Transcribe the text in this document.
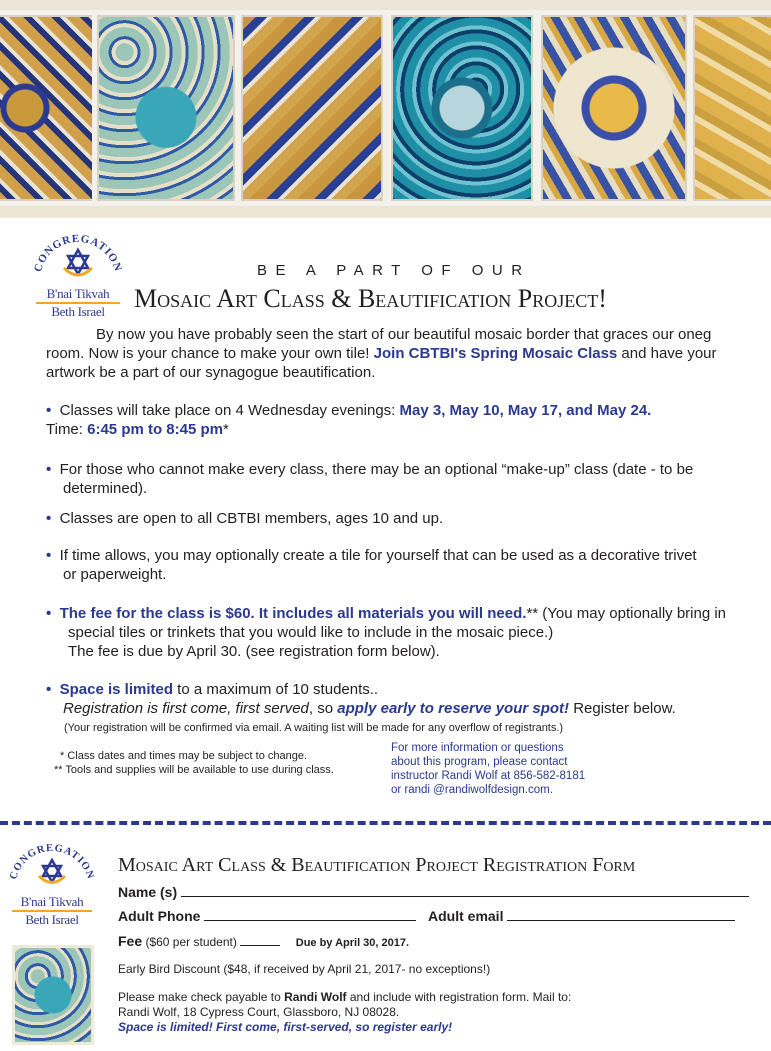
CONGREGATION
B'nai Tikvah
Beth Israel
BE A PART OF OUR
Mosaic Art Class & Beautification Project!
By now you have probably seen the start of our beautiful mosaic border that graces our oneg room. Now is your chance to make your own tile! Join CBTBI's Spring Mosaic Class and have your artwork be a part of our synagogue beautification.
• Classes will take place on 4 Wednesday evenings: May 3, May 10, May 17, and May 24.
Time: 6:45 pm to 8:45 pm*
• For those who cannot make every class, there may be an optional “make-up” class (date - to be determined).
• Classes are open to all CBTBI members, ages 10 and up.
• If time allows, you may optionally create a tile for yourself that can be used as a decorative trivet or paperweight.
• The fee for the class is $60. It includes all materials you will need.** (You may optionally bring in special tiles or trinkets that you would like to include in the mosaic piece.)
The fee is due by April 30. (see registration form below).
• Space is limited to a maximum of 10 students..
Registration is first come, first served, so apply early to reserve your spot! Register below.
(Your registration will be confirmed via email. A waiting list will be made for any overflow of registrants.)
* Class dates and times may be subject to change.
** Tools and supplies will be available to use during class.
For more information or questions
about this program, please contact
instructor Randi Wolf at 856-582-8181
or randi @randiwolfdesign.com.
CONGREGATION
B'nai Tikvah
Beth Israel
Mosaic Art Class & Beautification Project Registration Form
Name (s)
Adult Phone	Adult email
Fee ($60 per student)	Due by April 30, 2017.
Early Bird Discount ($48, if received by April 21, 2017- no exceptions!)
Please make check payable to Randi Wolf and include with registration form. Mail to:
Randi Wolf, 18 Cypress Court, Glassboro, NJ 08028.
Space is limited! First come, first-served, so register early!
